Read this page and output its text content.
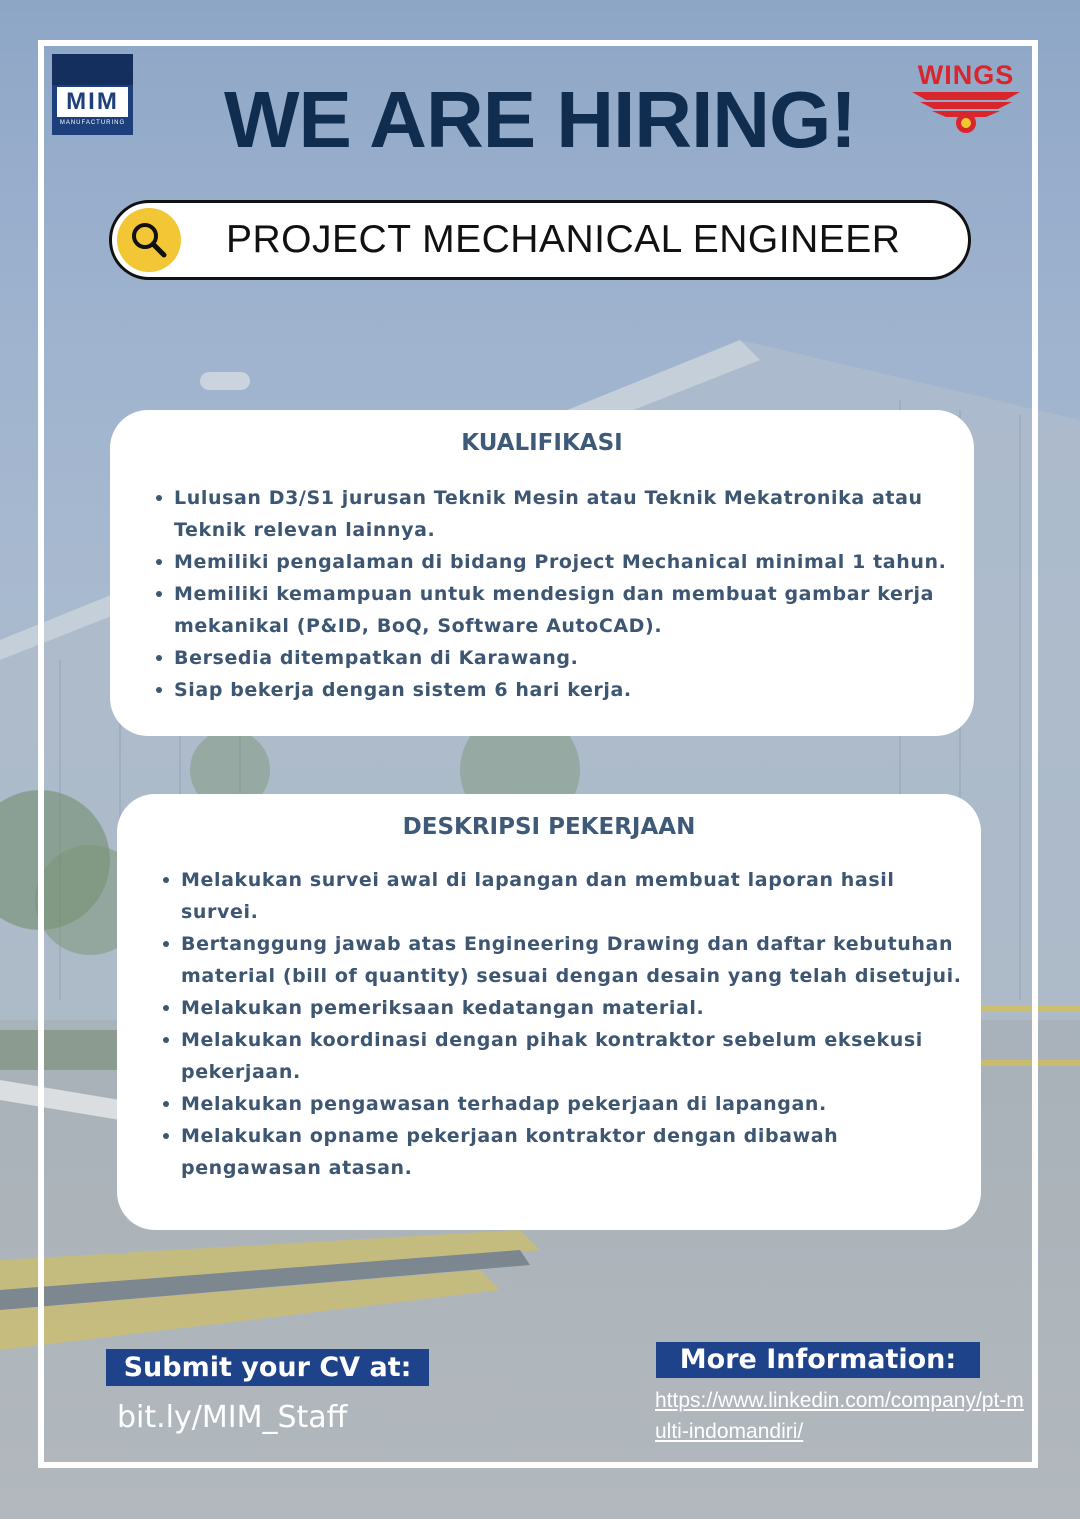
MIM
MANUFACTURING	WE ARE HIRING!	WINGS
PROJECT MECHANICAL ENGINEER
KUALIFIKASI
Lulusan D3/S1 jurusan Teknik Mesin atau Teknik Mekatronika atau Teknik relevan lainnya.
Memiliki pengalaman di bidang Project Mechanical minimal 1 tahun.
Memiliki kemampuan untuk mendesign dan membuat gambar kerja mekanikal (P&ID, BoQ, Software AutoCAD).
Bersedia ditempatkan di Karawang.
Siap bekerja dengan sistem 6 hari kerja.
DESKRIPSI PEKERJAAN
Melakukan survei awal di lapangan dan membuat laporan hasil survei.
Bertanggung jawab atas Engineering Drawing dan daftar kebutuhan material (bill of quantity) sesuai dengan desain yang telah disetujui.
Melakukan pemeriksaan kedatangan material.
Melakukan koordinasi dengan pihak kontraktor sebelum eksekusi pekerjaan.
Melakukan pengawasan terhadap pekerjaan di lapangan.
Melakukan opname pekerjaan kontraktor dengan dibawah pengawasan atasan.
Submit your CV at:
bit.ly/MIM_Staff
More Information:
https://www.linkedin.com/company/pt-multi-indomandiri/
